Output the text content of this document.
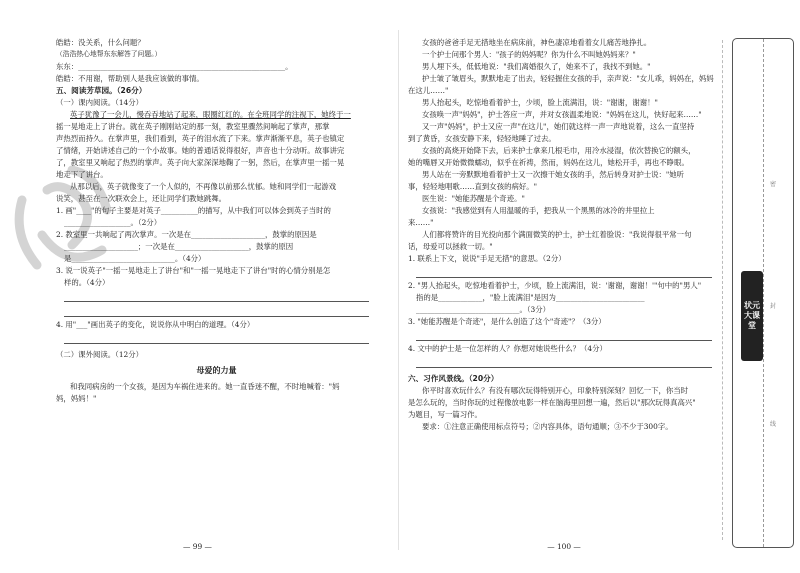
皓皓：没关系，什么问题？
（浩浩热心地帮东东解答了问题。）
东东：________________________________________________________。
皓皓：不用谢，帮助别人是我应该做的事情。
五、阅读芳草园。（26分）
（一）课内阅读。（14分）
英子犹豫了一会儿，慢吞吞地站了起来，眼圈红红的。在全班同学的注视下，她终于一
摇一晃地走上了讲台。就在英子刚刚站定的那一刻，教室里骤然间响起了掌声，那掌
声热烈而持久。在掌声里，我们看到，英子的泪水流了下来。掌声渐渐平息，英子也镇定
了情绪，开始讲述自己的一个小故事。她的普通话说得很好，声音也十分动听。故事讲完
了，教室里又响起了热烈的掌声。英子向大家深深地鞠了一躬，然后，在掌声里一摇一晃
地走下了讲台。
从那以后，英子就像变了一个人似的，不再像以前那么忧郁。她和同学们一起游戏
说笑，甚至在一次联欢会上，还让同学们教她跳舞。
1. 画"____"的句子主要是对英子__________的描写，从中我们可以体会到英子当时的
__________________。（2分）
2. 教室里一共响起了两次掌声。一次是在____________________，鼓掌的原因是
____________________；一次是在____________________，鼓掌的原因
是____________________________。（4分）
3. 说一说英子"一摇一晃地走上了讲台"和"一摇一晃地走下了讲台"时的心情分别是怎
样的。（4分）
4. 用"___"画出英子的变化，说说你从中明白的道理。（4分）
（二）课外阅读。（12分）
母爱的力量
和我同病房的一个女孩，是因为车祸住进来的。她一直昏迷不醒，不时地喊着："妈
妈，妈妈！"
— 99 —
女孩的爸爸手足无措地坐在病床前，神色凄凉地看着女儿痛苦地挣扎。
一个护士问那个男人："孩子的妈妈呢？你为什么不叫她妈妈来？"
男人埋下头，低低地说："我们离婚很久了，她来不了，我找不到她。"
护士皱了皱眉头，默默地走了出去，轻轻握住女孩的手，亲声说："女儿乖，妈妈在，妈妈
在这儿……"
男人抬起头，吃惊地看着护士，少顷，脸上流满泪，说："谢谢，谢谢！"
女孩唤一声"妈妈"，护士答应一声，并对女孩温柔地说："妈妈在这儿，快好起来……"
又一声"妈妈"，护士又应一声"在这儿"，她们就这样一声一声地说着，这么一直坚持
到了黄昏，女孩安静下来，轻轻地睡了过去。
女孩的高烧开始降下去，后来护士拿来几根毛巾，用冷水浸湿，依次替换它的额头，
她的嘴唇又开始微微蠕动，似乎在祈祷，然而，妈妈在这儿，她松开手，再也不睁眼。
男人站在一旁默默地看着护士又一次擦干她女孩的手，然后转身对护士说："她听
事，轻轻地唱歌……直到女孩的病好。"
医生说："她能苏醒是个奇迹。"
女孩说："我感觉到有人用温暖的手，把我从一个黑黑的冰冷的井里拉上
来……"
人们都将赞许的目光投向那个满面微笑的护士，护士红着脸说："我说得很平常一句
话，母爱可以拯救一切。"
1. 联系上下文，说说"手足无措"的意思。（2分）
2. "男人抬起头，吃惊地看着护士，少顷，脸上流满泪，说：'谢谢，谢谢！'"句中的"男人"
指的是____________，"脸上流满泪"是因为________________________
____________________________。（3分）
3. "她能苏醒是个奇迹"，是什么创造了这个"奇迹"？（3分）
4. 文中的护士是一位怎样的人？你想对她说些什么？（4分）
六、习作风景线。（20分）
你平时喜欢玩什么？有没有哪次玩得特别开心，印象特别深刻？回忆一下，你当时
是怎么玩的，当时你玩的过程像放电影一样在脑海里回想一遍，然后以"那次玩得真高兴"
为题目，写一篇习作。
要求：①注意正确使用标点符号；②内容具体，语句通顺；③不少于300字。
— 100 —
密
封
线
状元大课堂
